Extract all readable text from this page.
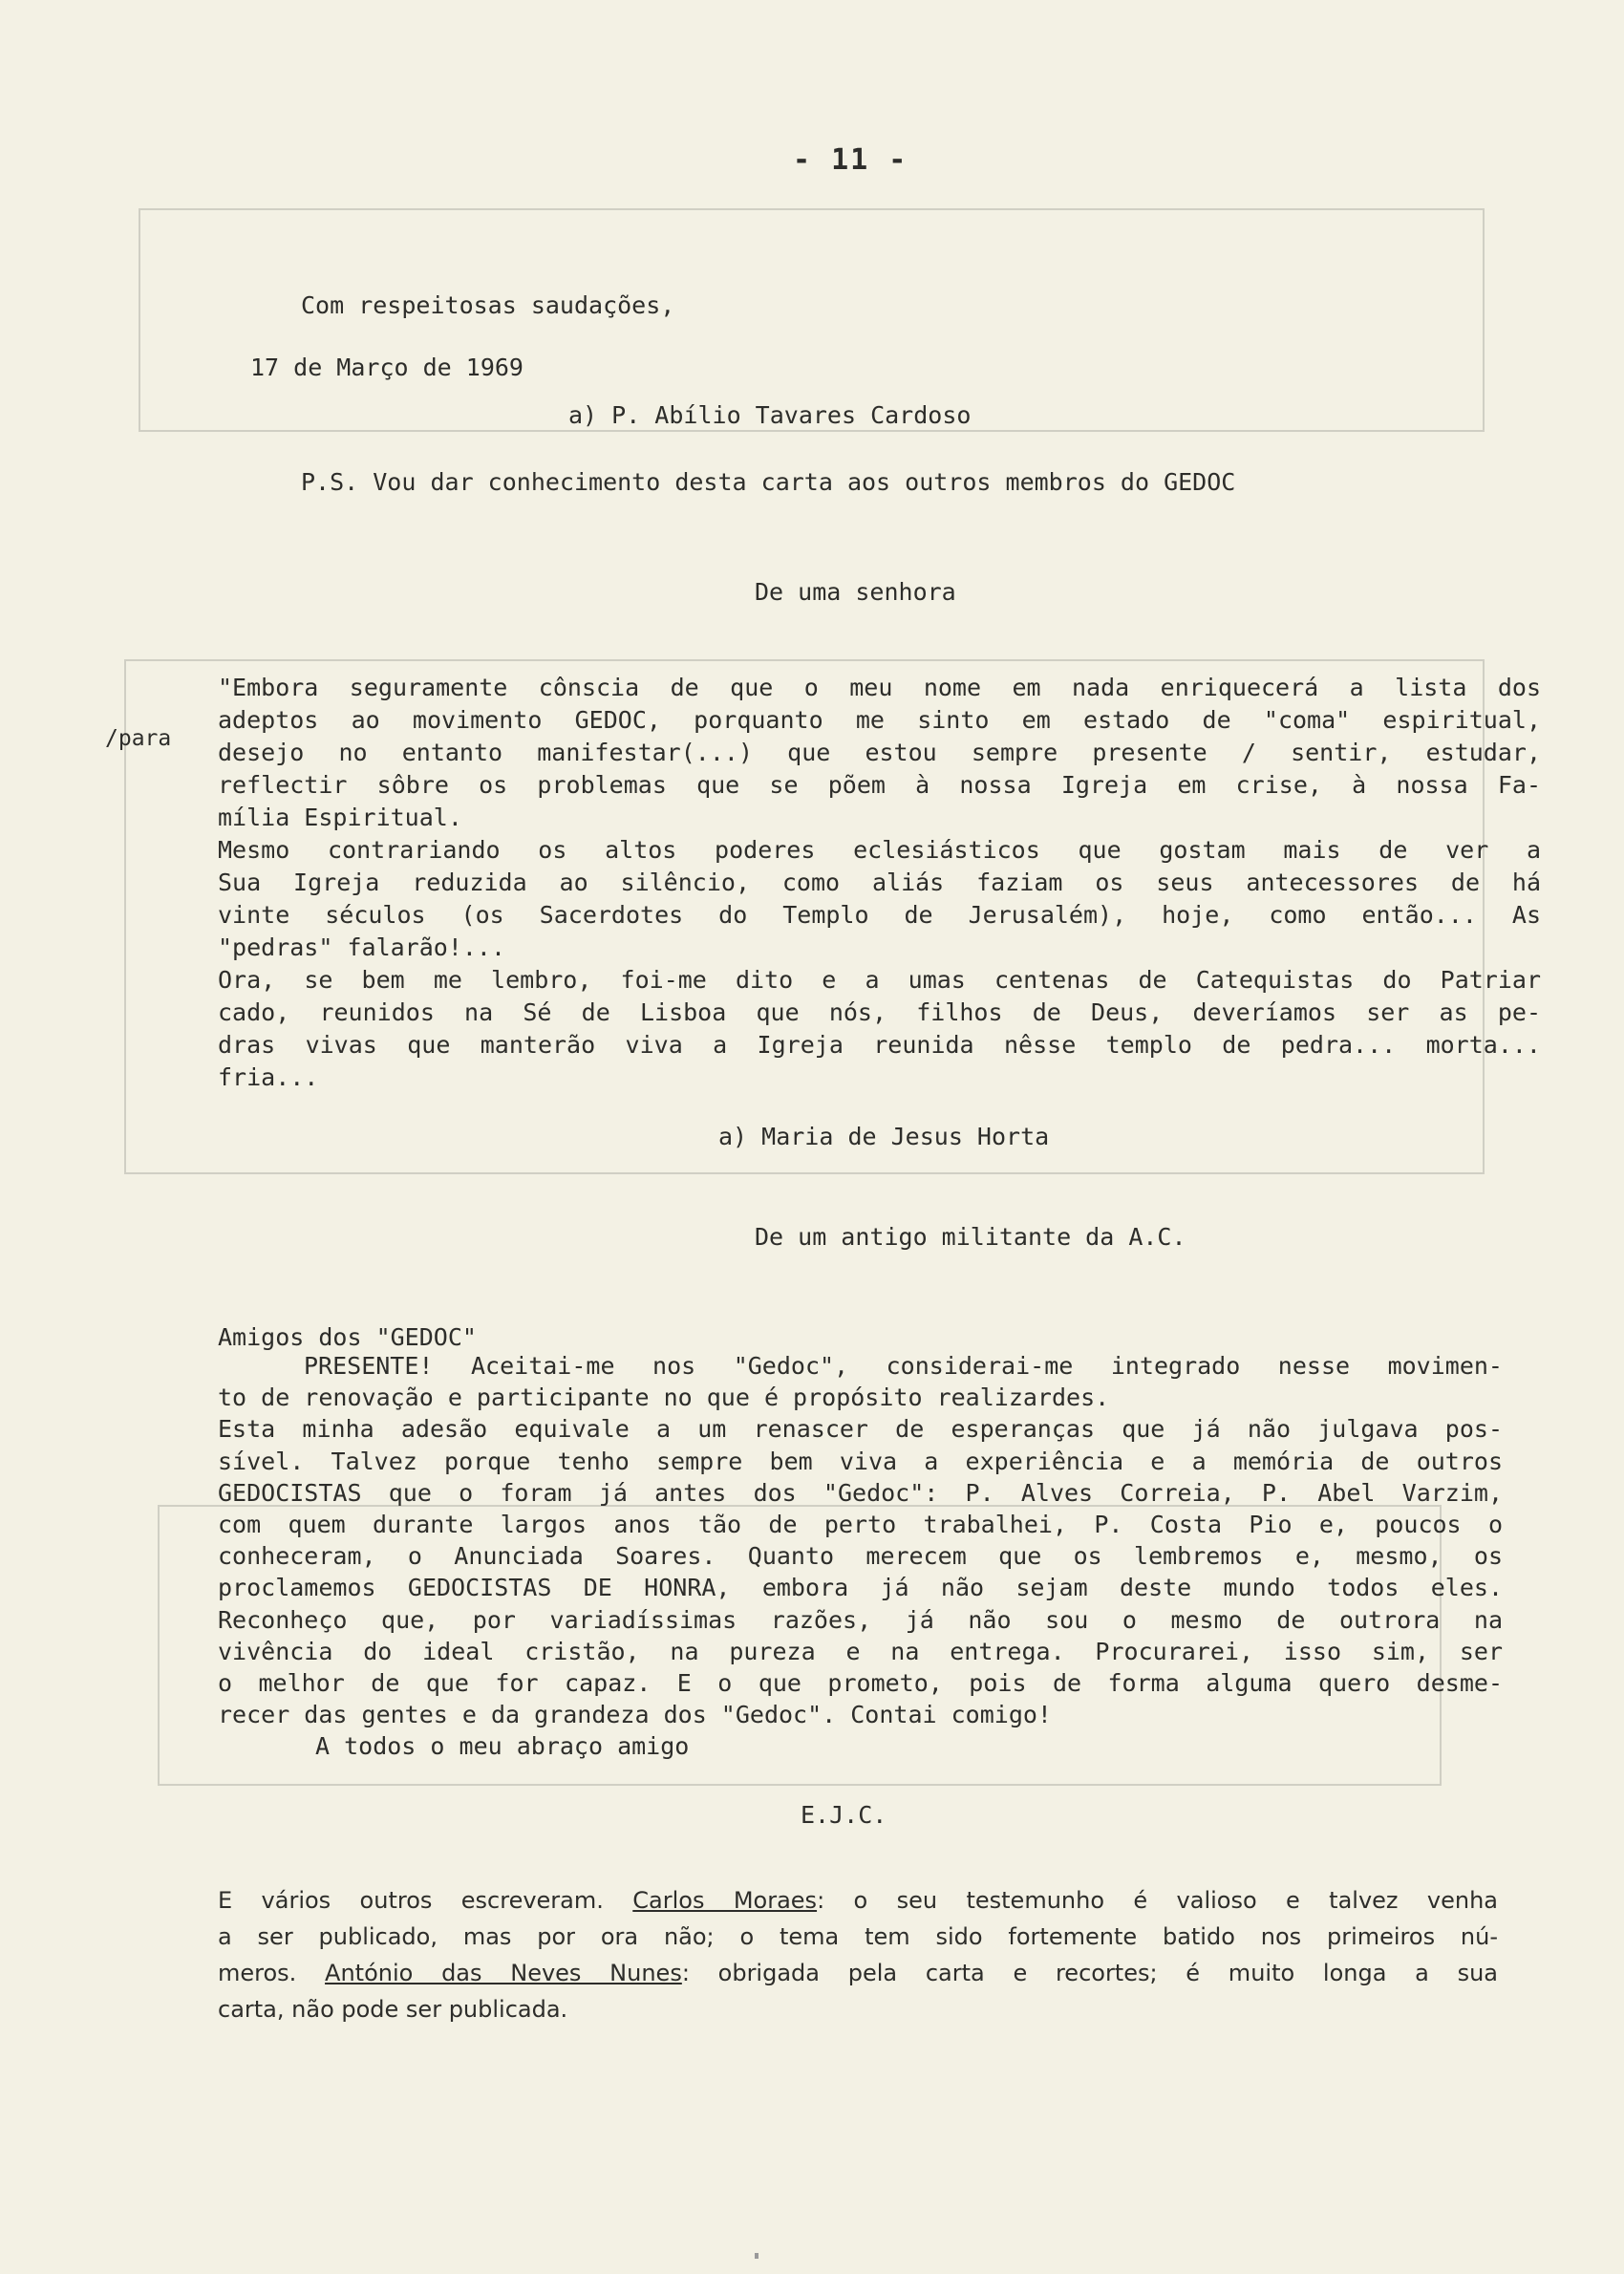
- 11 -
Com respeitosas saudações,
17 de Março de 1969
a) P. Abílio Tavares Cardoso
P.S. Vou dar conhecimento desta carta aos outros membros do GEDOC
De uma senhora
/para
"Embora seguramente cônscia de que o meu nome em nada enriquecerá a lista dos
adeptos ao movimento GEDOC, porquanto me sinto em estado de "coma" espiritual,
desejo no entanto manifestar(...) que estou sempre presente / sentir, estudar,
reflectir sôbre os problemas que se põem à nossa Igreja em crise, à nossa Fa-
mília Espiritual.
Mesmo contrariando os altos poderes eclesiásticos que gostam mais de ver a
Sua Igreja reduzida ao silêncio, como aliás faziam os seus antecessores de há
vinte séculos (os Sacerdotes do Templo de Jerusalém), hoje, como então... As
"pedras" falarão!...
Ora, se bem me lembro, foi-me dito e a umas centenas de Catequistas do Patriar
cado, reunidos na Sé de Lisboa que nós, filhos de Deus, deveríamos ser as pe-
dras vivas que manterão viva a Igreja reunida nêsse templo de pedra... morta...
fria...
a) Maria de Jesus Horta
De um antigo militante da A.C.
Amigos dos "GEDOC"
PRESENTE! Aceitai-me nos "Gedoc", considerai-me integrado nesse movimen-
to de renovação e participante no que é propósito realizardes.
Esta minha adesão equivale a um renascer de esperanças que já não julgava pos-
sível. Talvez porque tenho sempre bem viva a experiência e a memória de outros
GEDOCISTAS que o foram já antes dos "Gedoc": P. Alves Correia, P. Abel Varzim,
com quem durante largos anos tão de perto trabalhei, P. Costa Pio e, poucos o
conheceram, o Anunciada Soares. Quanto merecem que os lembremos e, mesmo, os
proclamemos GEDOCISTAS DE HONRA, embora já não sejam deste mundo todos eles.
Reconheço que, por variadíssimas razões, já não sou o mesmo de outrora na
vivência do ideal cristão, na pureza e na entrega. Procurarei, isso sim, ser
o melhor de que for capaz. E o que prometo, pois de forma alguma quero desme-
recer das gentes e da grandeza dos "Gedoc". Contai comigo!
A todos o meu abraço amigo
E.J.C.
E vários outros escreveram. Carlos Moraes: o seu testemunho é valioso e talvez venha
a ser publicado, mas por ora não; o tema tem sido fortemente batido nos primeiros nú-
meros. António das Neves Nunes: obrigada pela carta e recortes; é muito longa a sua
carta, não pode ser publicada.
